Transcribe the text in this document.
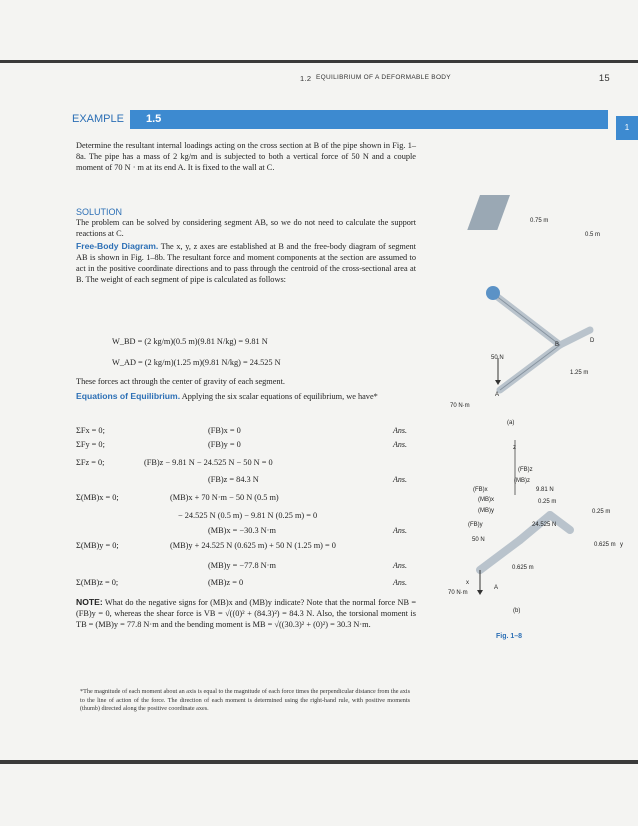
1.2 EQUILIBRIUM OF A DEFORMABLE BODY	15
EXAMPLE	1.5
1

Determine the resultant internal loadings acting on the cross section at B of the pipe shown in Fig. 1–8a. The pipe has a mass of 2 kg/m and is subjected to both a vertical force of 50 N and a couple moment of 70 N · m at its end A. It is fixed to the wall at C.

SOLUTION

The problem can be solved by considering segment AB, so we do not need to calculate the support reactions at C.

Free-Body Diagram. The x, y, z axes are established at B and the free-body diagram of segment AB is shown in Fig. 1–8b. The resultant force and moment components at the section are assumed to act in the positive coordinate directions and to pass through the centroid of the cross-sectional area at B. The weight of each segment of pipe is calculated as follows:

W_BD = (2 kg/m)(0.5 m)(9.81 N/kg) = 9.81 N
W_AD = (2 kg/m)(1.25 m)(9.81 N/kg) = 24.525 N

These forces act through the center of gravity of each segment.

Equations of Equilibrium. Applying the six scalar equations of equilibrium, we have*

ΣFx = 0;	(FB)x = 0	Ans.
ΣFy = 0;	(FB)y = 0	Ans.
ΣFz = 0;	(FB)z − 9.81 N − 24.525 N − 50 N = 0
(FB)z = 84.3 N	Ans.
Σ(MB)x = 0;	(MB)x + 70 N·m − 50 N (0.5 m)
− 24.525 N (0.5 m) − 9.81 N (0.25 m) = 0
(MB)x = −30.3 N·m	Ans.
Σ(MB)y = 0;	(MB)y + 24.525 N (0.625 m) + 50 N (1.25 m) = 0
(MB)y = −77.8 N·m	Ans.
Σ(MB)z = 0;	(MB)z = 0	Ans.

NOTE: What do the negative signs for (MB)x and (MB)y indicate? Note that the normal force NB = (FB)y = 0, whereas the shear force is VB = √((0)² + (84.3)²) = 84.3 N. Also, the torsional moment is TB = (MB)y = 77.8 N·m and the bending moment is MB = √((30.3)² + (0)²) = 30.3 N·m.

*The magnitude of each moment about an axis is equal to the magnitude of each force times the perpendicular distance from the axis to the line of action of the force. The direction of each moment is determined using the right-hand rule, with positive moments (thumb) directed along the positive coordinate axes.
0.75 m
0.5 m
B
D
1.25 m
50 N
70 N·m
A
(a)
(FB)z
(MB)z
9.81 N
(FB)x
(MB)x	0.25 m
0.25 m
(MB)y
(FB)y	24.525 N
50 N
0.625 m
0.625 m
70 N·m
A
y
z
x
(b)
Fig. 1–8
